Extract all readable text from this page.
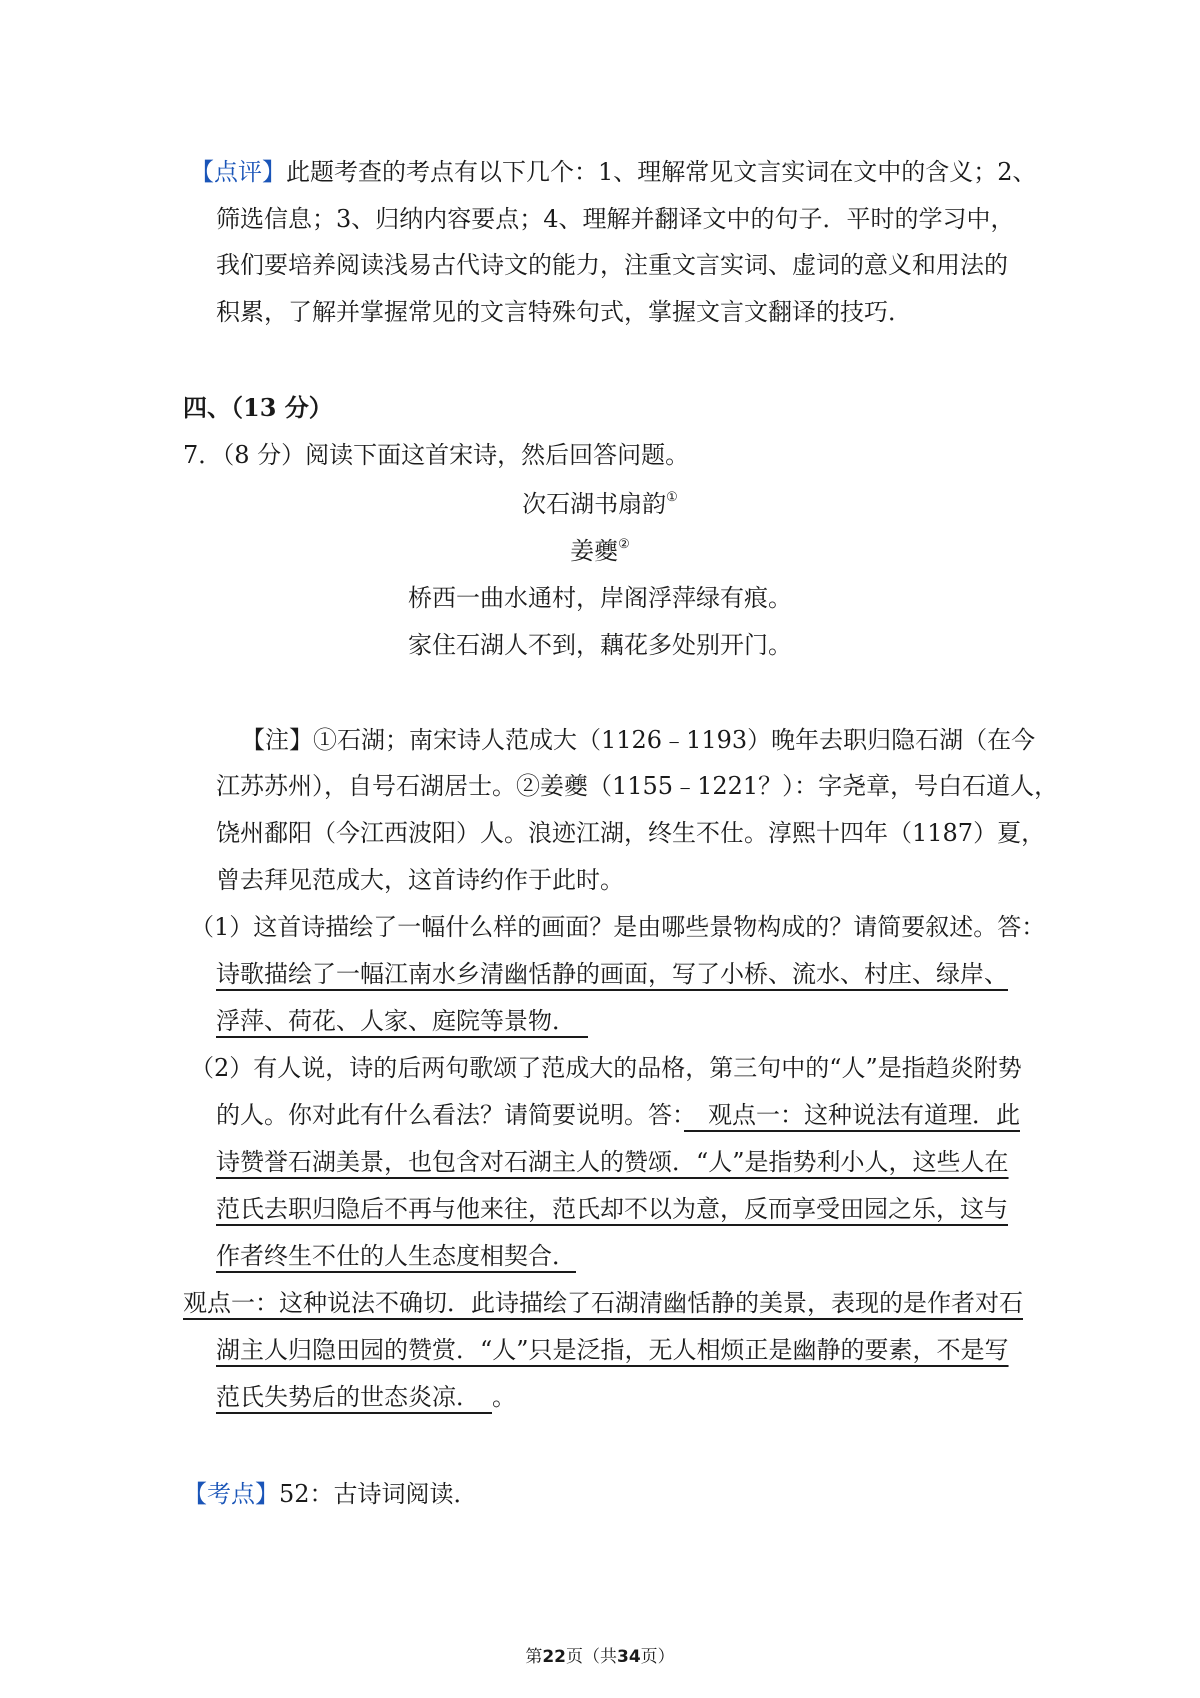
【点评】此题考查的考点有以下几个：1、理解常见文言实词在文中的含义；2、
筛选信息；3、归纳内容要点；4、理解并翻译文中的句子．平时的学习中，
我们要培养阅读浅易古代诗文的能力，注重文言实词、虚词的意义和用法的
积累，了解并掌握常见的文言特殊句式，掌握文言文翻译的技巧．
四、（13 分）
7．（8 分）阅读下面这首宋诗，然后回答问题。
次石湖书扇韵①
姜夔②
桥西一曲水通村，岸阁浮萍绿有痕。
家住石湖人不到，藕花多处别开门。
【注】①石湖；南宋诗人范成大（1126﹣1193）晚年去职归隐石湖（在今
江苏苏州），自号石湖居士。②姜夔（1155﹣1221？）：字尧章，号白石道人，
饶州鄱阳（今江西波阳）人。浪迹江湖，终生不仕。淳熙十四年（1187）夏，
曾去拜见范成大，这首诗约作于此时。
（1）这首诗描绘了一幅什么样的画面？是由哪些景物构成的？请简要叙述。答：
诗歌描绘了一幅江南水乡清幽恬静的画面，写了小桥、流水、村庄、绿岸、
浮萍、荷花、人家、庭院等景物．　
（2）有人说，诗的后两句歌颂了范成大的品格，第三句中的“人”是指趋炎附势
的人。你对此有什么看法？请简要说明。答：　观点一：这种说法有道理．此
诗赞誉石湖美景，也包含对石湖主人的赞颂．“人”是指势利小人，这些人在
范氏去职归隐后不再与他来往，范氏却不以为意，反而享受田园之乐，这与
作者终生不仕的人生态度相契合．
观点一：这种说法不确切．此诗描绘了石湖清幽恬静的美景，表现的是作者对石
湖主人归隐田园的赞赏．“人”只是泛指，无人相烦正是幽静的要素，不是写
范氏失势后的世态炎凉．　。
【考点】52：古诗词阅读．
第22页（共34页）
